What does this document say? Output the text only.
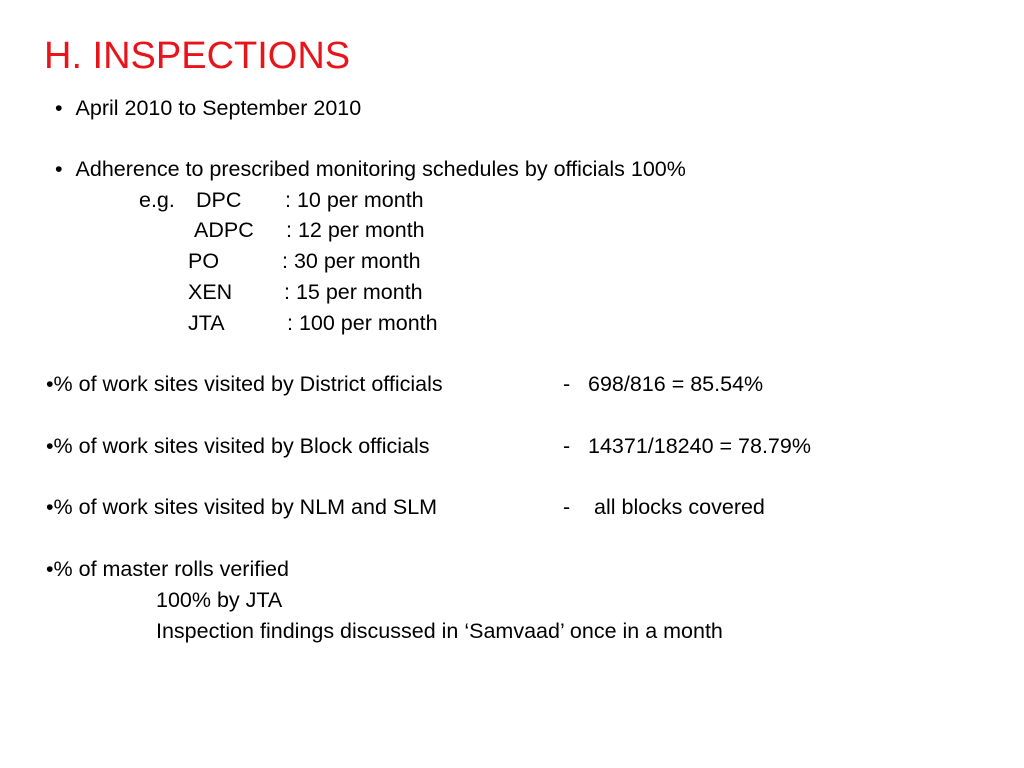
H. INSPECTIONS
• April 2010 to September 2010
• Adherence to prescribed monitoring schedules by officials 100%
e.g. DPC : 10 per month
ADPC : 12 per month
PO	: 30 per month
XEN : 15 per month
JTA	: 100 per month
•% of work sites visited by District officials	- 698/816 = 85.54%
•% of work sites visited by Block officials	- 14371/18240 = 78.79%
•% of work sites visited by NLM and SLM	- all blocks covered
•% of master rolls verified
100% by JTA
Inspection findings discussed in ‘Samvaad’ once in a month
